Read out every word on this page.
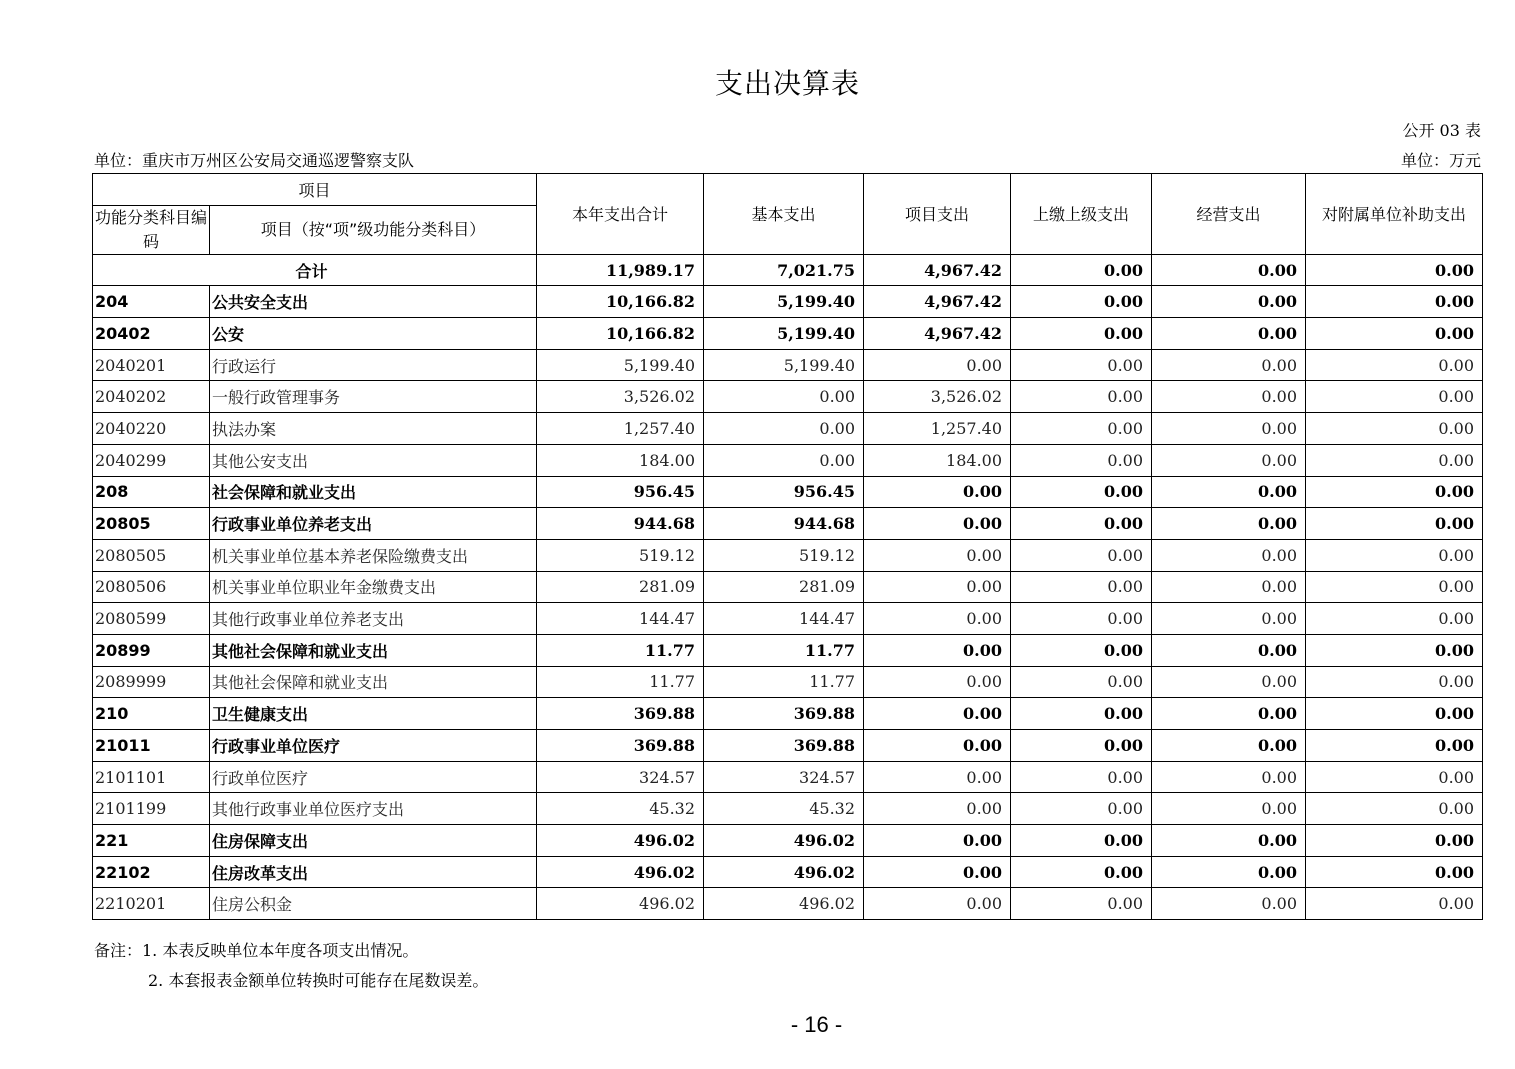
支出决算表
公开 03 表
单位：重庆市万州区公安局交通巡逻警察支队	单位：万元
项目		本年支出合计	基本支出	项目支出	上缴上级支出	经营支出	对附属单位补助支出
功能分类科目编码	项目（按“项”级功能分类科目）						
合计		11,989.17	7,021.75	4,967.42	0.00	0.00	0.00
204	公共安全支出	10,166.82	5,199.40	4,967.42	0.00	0.00	0.00
20402	公安	10,166.82	5,199.40	4,967.42	0.00	0.00	0.00
2040201	行政运行	5,199.40	5,199.40	0.00	0.00	0.00	0.00
2040202	一般行政管理事务	3,526.02	0.00	3,526.02	0.00	0.00	0.00
2040220	执法办案	1,257.40	0.00	1,257.40	0.00	0.00	0.00
2040299	其他公安支出	184.00	0.00	184.00	0.00	0.00	0.00
208	社会保障和就业支出	956.45	956.45	0.00	0.00	0.00	0.00
20805	行政事业单位养老支出	944.68	944.68	0.00	0.00	0.00	0.00
2080505	机关事业单位基本养老保险缴费支出	519.12	519.12	0.00	0.00	0.00	0.00
2080506	机关事业单位职业年金缴费支出	281.09	281.09	0.00	0.00	0.00	0.00
2080599	其他行政事业单位养老支出	144.47	144.47	0.00	0.00	0.00	0.00
20899	其他社会保障和就业支出	11.77	11.77	0.00	0.00	0.00	0.00
2089999	其他社会保障和就业支出	11.77	11.77	0.00	0.00	0.00	0.00
210	卫生健康支出	369.88	369.88	0.00	0.00	0.00	0.00
21011	行政事业单位医疗	369.88	369.88	0.00	0.00	0.00	0.00
2101101	行政单位医疗	324.57	324.57	0.00	0.00	0.00	0.00
2101199	其他行政事业单位医疗支出	45.32	45.32	0.00	0.00	0.00	0.00
221	住房保障支出	496.02	496.02	0.00	0.00	0.00	0.00
22102	住房改革支出	496.02	496.02	0.00	0.00	0.00	0.00
2210201	住房公积金	496.02	496.02	0.00	0.00	0.00	0.00
备注：1. 本表反映单位本年度各项支出情况。
2. 本套报表金额单位转换时可能存在尾数误差。
- 16 -
